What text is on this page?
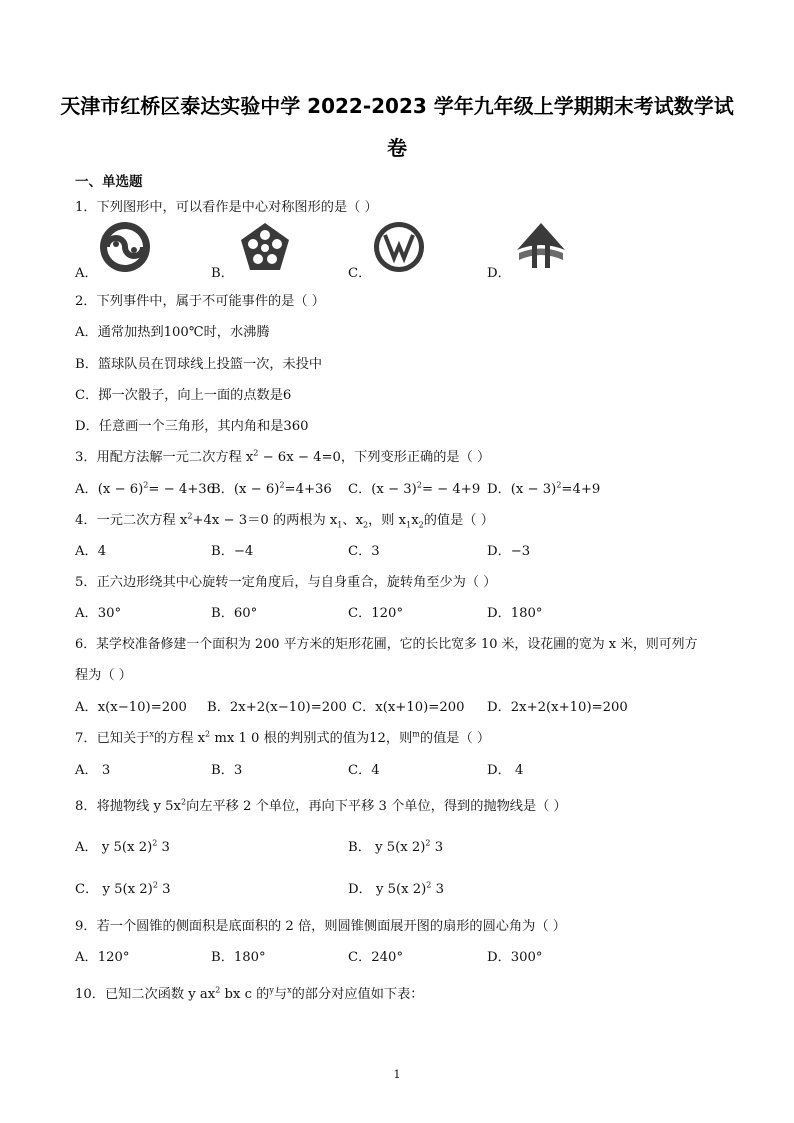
天津市红桥区泰达实验中学 2022-2023 学年九年级上学期期末考试数学试
卷
一、单选题
1．下列图形中，可以看作是中心对称图形的是（ ）
A．	B．	C．	D．
2．下列事件中，属于不可能事件的是（ ）
A．通常加热到100℃时，水沸腾
B．篮球队员在罚球线上投篮一次，未投中
C．掷一次骰子，向上一面的点数是6
D．任意画一个三角形，其内角和是360
3．用配方法解一元二次方程 $x^2 - 6x - 4=0$，下列变形正确的是（ ）
A．$(x - 6)^2= - 4+36$
B．$(x - 6)^2=4+36$ C．$(x - 3)^2= - 4+9$ D．$(x - 3)^2=4+9$
4．一元二次方程 $x^2+4x - 3=0$ 的两根为 $x_1$、$x_2$，则 $x_1x_2$的值是（ ）
A．4	B．−4	C．3	D．−3
5．正六边形绕其中心旋转一定角度后，与自身重合，旋转角至少为（ ）
A．30°	B．60°	C．120°	D．180°
6．某学校准备修建一个面积为 200 平方米的矩形花圃，它的长比宽多 10 米，设花圃的宽为 x 米，则可列方
程为（ ）
A．x(x−10)=200 B．2x+2(x−10)=200 C．x(x+10)=200 D．2x+2(x+10)=200
7．已知关于$^x$的方程 $x^2$ mx 1 0 根的判别式的值为12，则$^m$的值是（ ）
A． 3	B．3	C．4	D． 4
8．将抛物线 y $5x^2$向左平移 2 个单位，再向下平移 3 个单位，得到的抛物线是（ ）
A． y 5(x 2)$^2$ 3	B． y 5(x 2)$^2$ 3
C． y 5(x 2)$^2$ 3	D． y 5(x 2)$^2$ 3
9．若一个圆锥的侧面积是底面积的 2 倍，则圆锥侧面展开图的扇形的圆心角为（ ）
A．120°	B．180°	C．240°	D．300°
10．已知二次函数 y $ax^2$ bx c 的$^y$与$^x$的部分对应值如下表：
1
